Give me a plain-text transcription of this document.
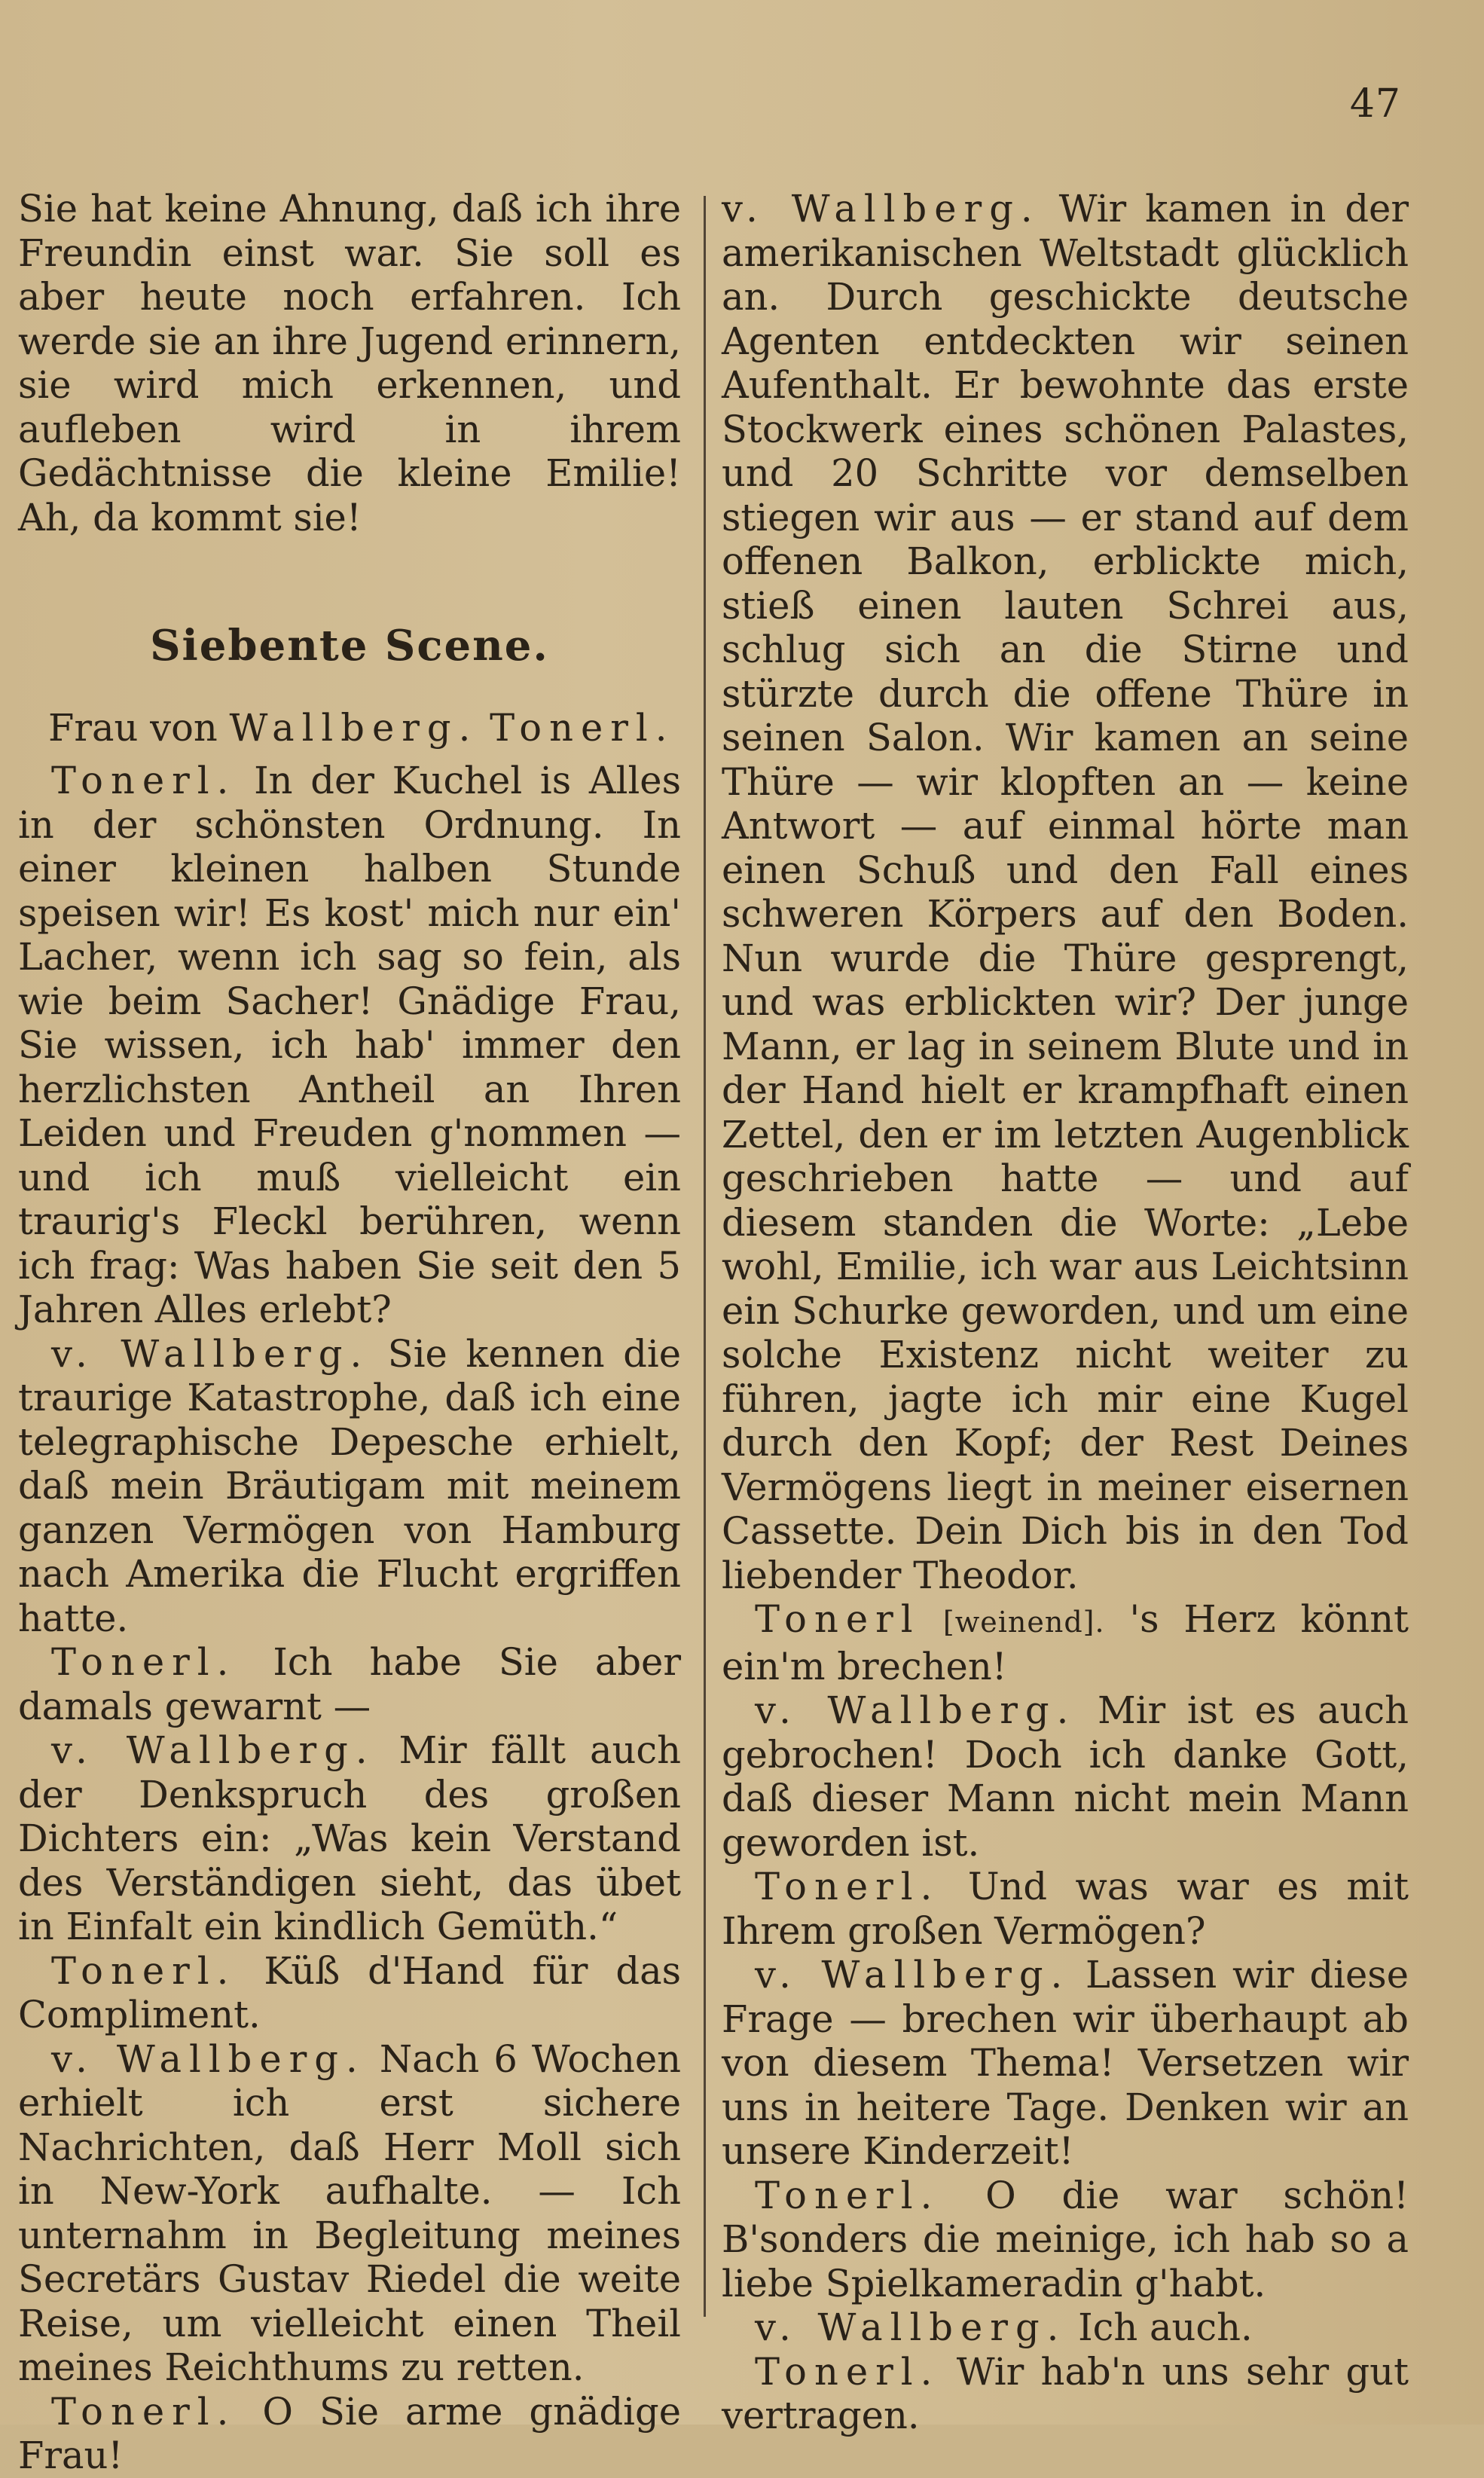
47

Sie hat keine Ahnung, daß ich ihre Freundin einst war. Sie soll es aber heute noch erfahren. Ich werde sie an ihre Jugend erinnern, sie wird mich erkennen, und aufleben wird in ihrem Gedächtnisse die kleine Emilie! Ah, da kommt sie!

Siebente Scene.

Frau von Wallberg. Tonerl.

Tonerl. In der Kuchel is Alles in der schönsten Ordnung. In einer kleinen halben Stunde speisen wir! Es kost' mich nur ein' Lacher, wenn ich sag so fein, als wie beim Sacher! Gnädige Frau, Sie wissen, ich hab' immer den herzlichsten Antheil an Ihren Leiden und Freuden g'nommen — und ich muß vielleicht ein traurig's Fleckl berühren, wenn ich frag: Was haben Sie seit den 5 Jahren Alles erlebt?

v. Wallberg. Sie kennen die traurige Katastrophe, daß ich eine telegraphische Depesche erhielt, daß mein Bräutigam mit meinem ganzen Vermögen von Hamburg nach Amerika die Flucht ergriffen hatte.

Tonerl. Ich habe Sie aber damals gewarnt —

v. Wallberg. Mir fällt auch der Denkspruch des großen Dichters ein: „Was kein Verstand des Verständigen sieht, das übet in Einfalt ein kindlich Gemüth.“

Tonerl. Küß d'Hand für das Compliment.

v. Wallberg. Nach 6 Wochen erhielt ich erst sichere Nachrichten, daß Herr Moll sich in New-York aufhalte. — Ich unternahm in Begleitung meines Secretärs Gustav Riedel die weite Reise, um vielleicht einen Theil meines Reichthums zu retten.

Tonerl. O Sie arme gnädige Frau!

v. Wallberg. Wir kamen in der amerikanischen Weltstadt glücklich an. Durch geschickte deutsche Agenten entdeckten wir seinen Aufenthalt. Er bewohnte das erste Stockwerk eines schönen Palastes, und 20 Schritte vor demselben stiegen wir aus — er stand auf dem offenen Balkon, erblickte mich, stieß einen lauten Schrei aus, schlug sich an die Stirne und stürzte durch die offene Thüre in seinen Salon. Wir kamen an seine Thüre — wir klopften an — keine Antwort — auf einmal hörte man einen Schuß und den Fall eines schweren Körpers auf den Boden. Nun wurde die Thüre gesprengt, und was erblickten wir? Der junge Mann, er lag in seinem Blute und in der Hand hielt er krampfhaft einen Zettel, den er im letzten Augenblick geschrieben hatte — und auf diesem standen die Worte: „Lebe wohl, Emilie, ich war aus Leichtsinn ein Schurke geworden, und um eine solche Existenz nicht weiter zu führen, jagte ich mir eine Kugel durch den Kopf; der Rest Deines Vermögens liegt in meiner eisernen Cassette. Dein Dich bis in den Tod liebender Theodor.

Tonerl [weinend]. 's Herz könnt ein'm brechen!

v. Wallberg. Mir ist es auch gebrochen! Doch ich danke Gott, daß dieser Mann nicht mein Mann geworden ist.

Tonerl. Und was war es mit Ihrem großen Vermögen?

v. Wallberg. Lassen wir diese Frage — brechen wir überhaupt ab von diesem Thema! Versetzen wir uns in heitere Tage. Denken wir an unsere Kinderzeit!

Tonerl. O die war schön! B'sonders die meinige, ich hab so a liebe Spielkameradin g'habt.

v. Wallberg. Ich auch.

Tonerl. Wir hab'n uns sehr gut vertragen.
